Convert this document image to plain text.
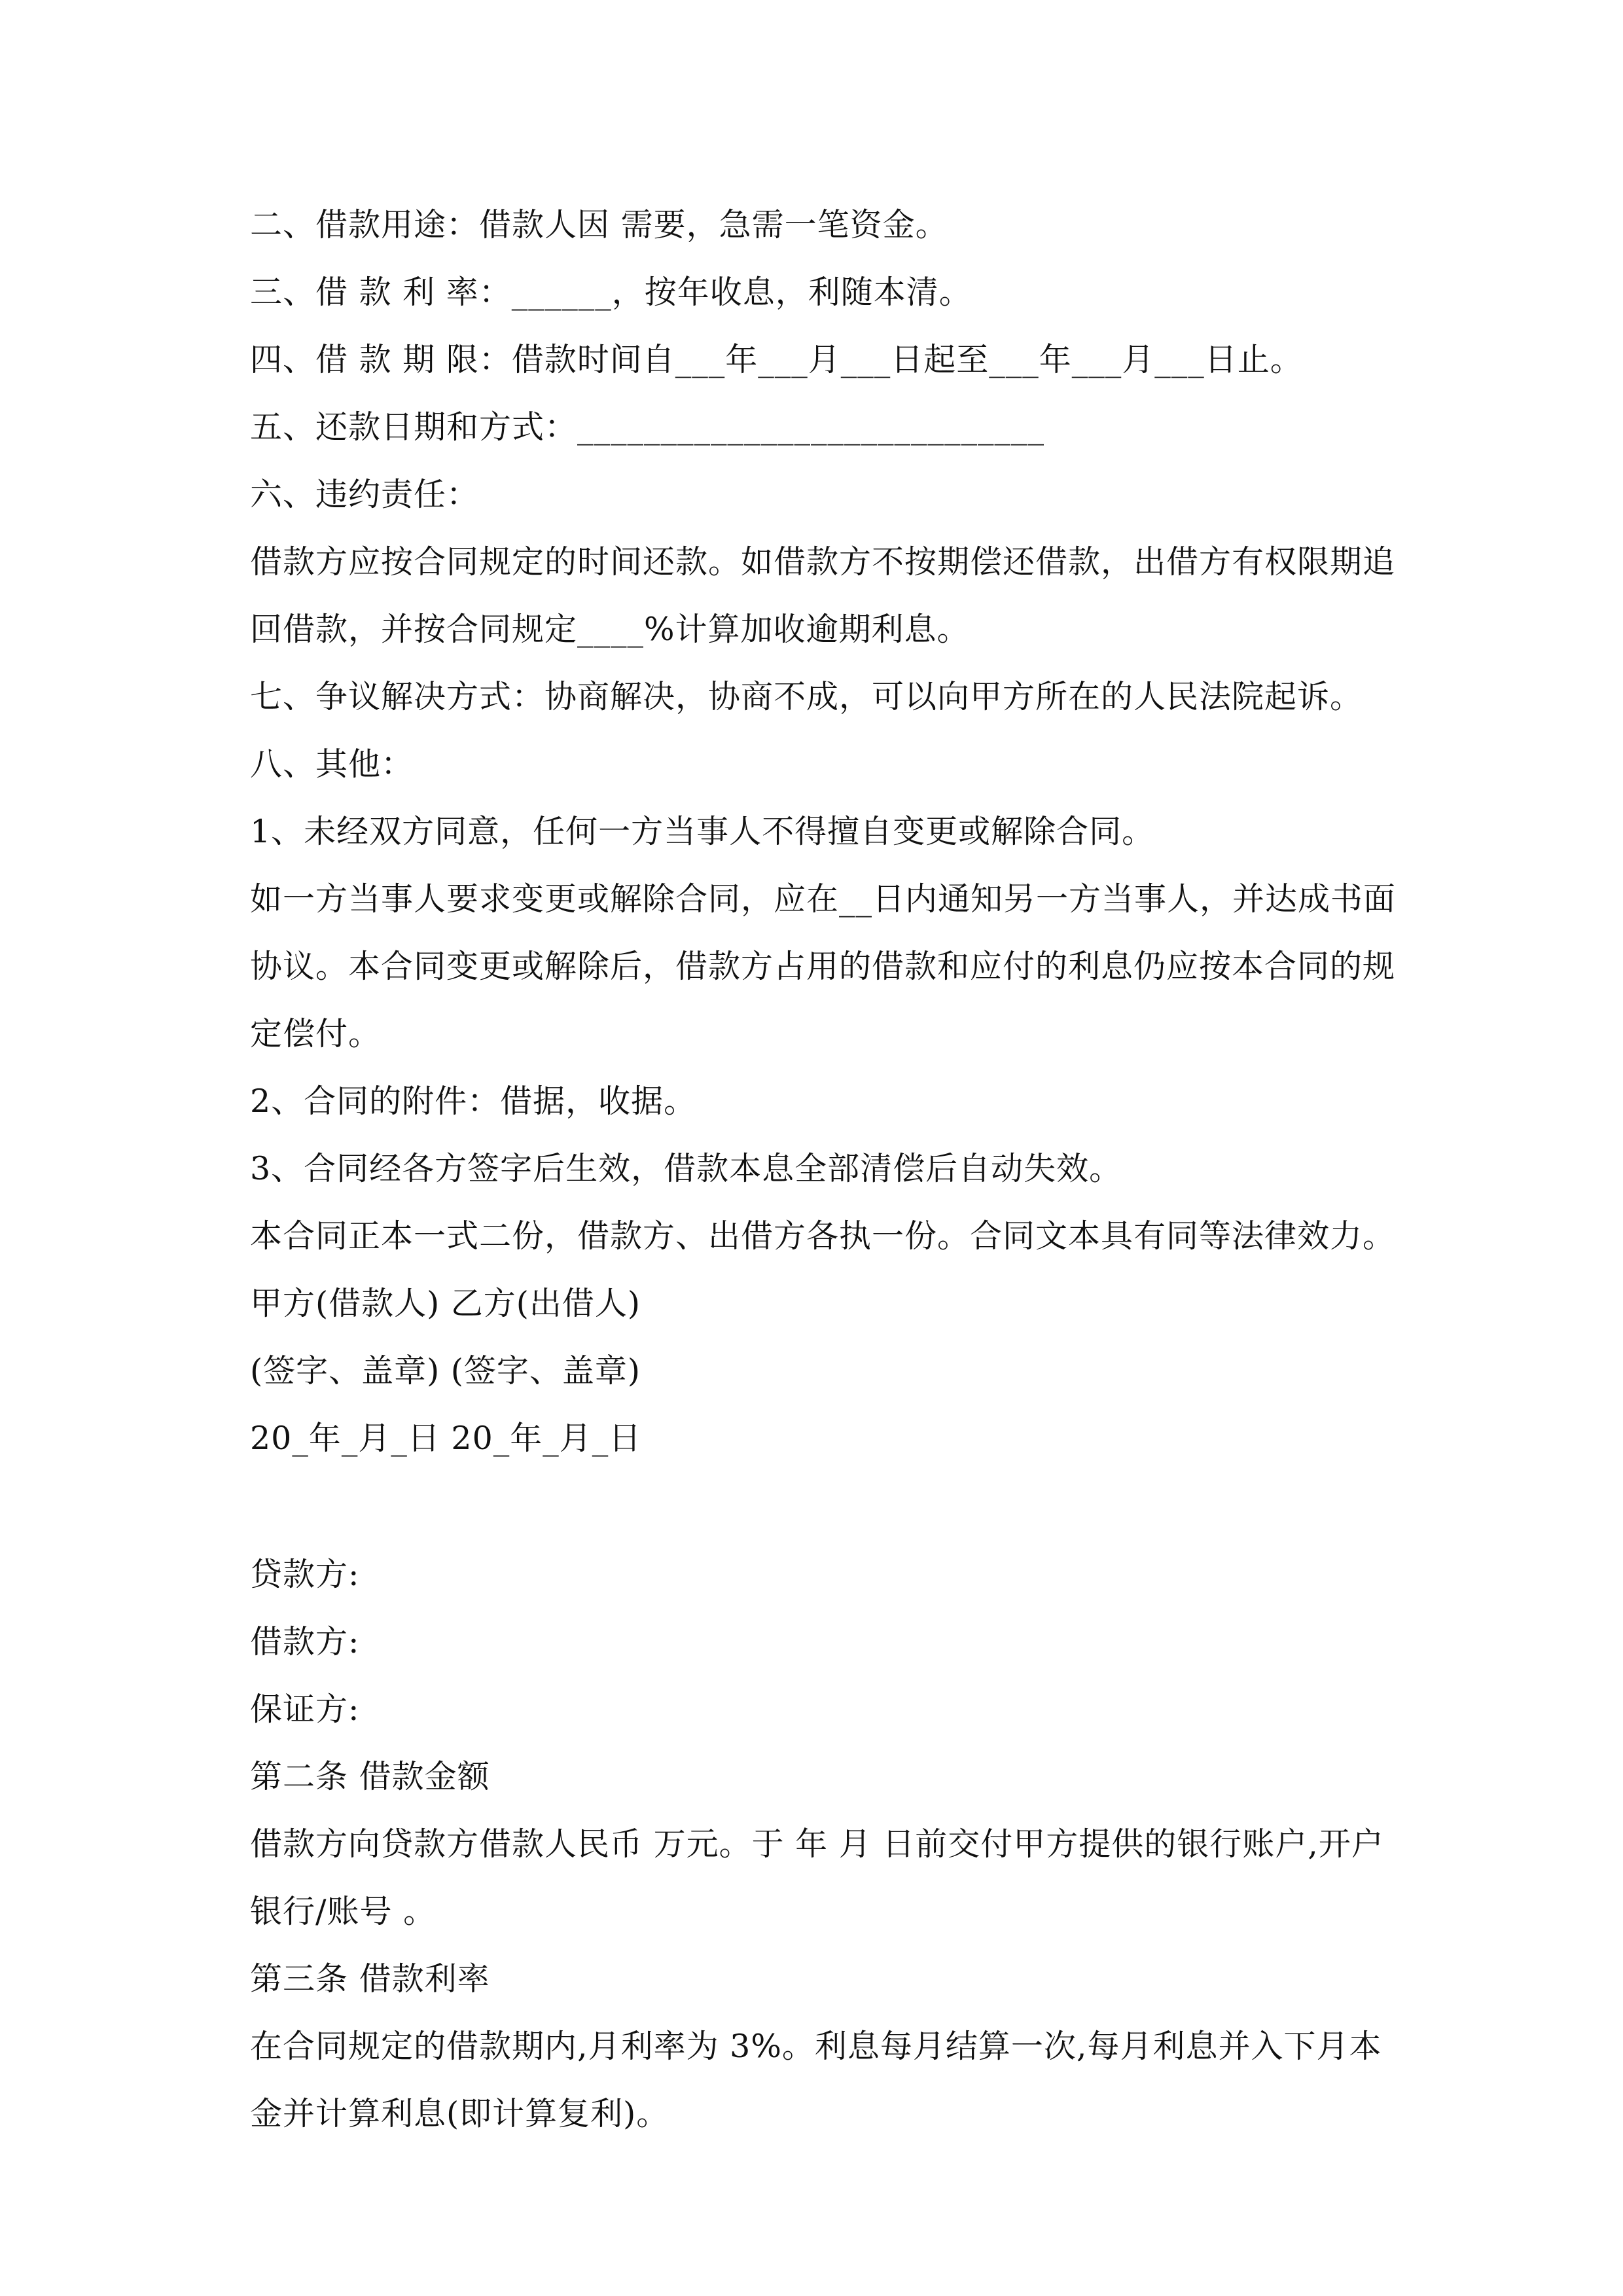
二、借款用途：借款人因 需要，急需一笔资金。
三、借 款 利 率：______，按年收息，利随本清。
四、借 款 期 限：借款时间自___年___月___日起至___年___月___日止。
五、还款日期和方式：____________________________
六、违约责任：
借款方应按合同规定的时间还款。如借款方不按期偿还借款，出借方有权限期追
回借款，并按合同规定____%计算加收逾期利息。
七、争议解决方式：协商解决，协商不成，可以向甲方所在的人民法院起诉。
八、其他：
1、未经双方同意，任何一方当事人不得擅自变更或解除合同。
如一方当事人要求变更或解除合同，应在__日内通知另一方当事人，并达成书面
协议。本合同变更或解除后，借款方占用的借款和应付的利息仍应按本合同的规
定偿付。
2、合同的附件：借据，收据。
3、合同经各方签字后生效，借款本息全部清偿后自动失效。
本合同正本一式二份，借款方、出借方各执一份。合同文本具有同等法律效力。
甲方(借款人) 乙方(出借人)
(签字、盖章) (签字、盖章)
20_年_月_日 20_年_月_日
贷款方:
借款方:
保证方:
第二条 借款金额
借款方向贷款方借款人民币 万元。于 年 月 日前交付甲方提供的银行账户,开户
银行/账号 。
第三条 借款利率
在合同规定的借款期内,月利率为 3%。利息每月结算一次,每月利息并入下月本
金并计算利息(即计算复利)。
